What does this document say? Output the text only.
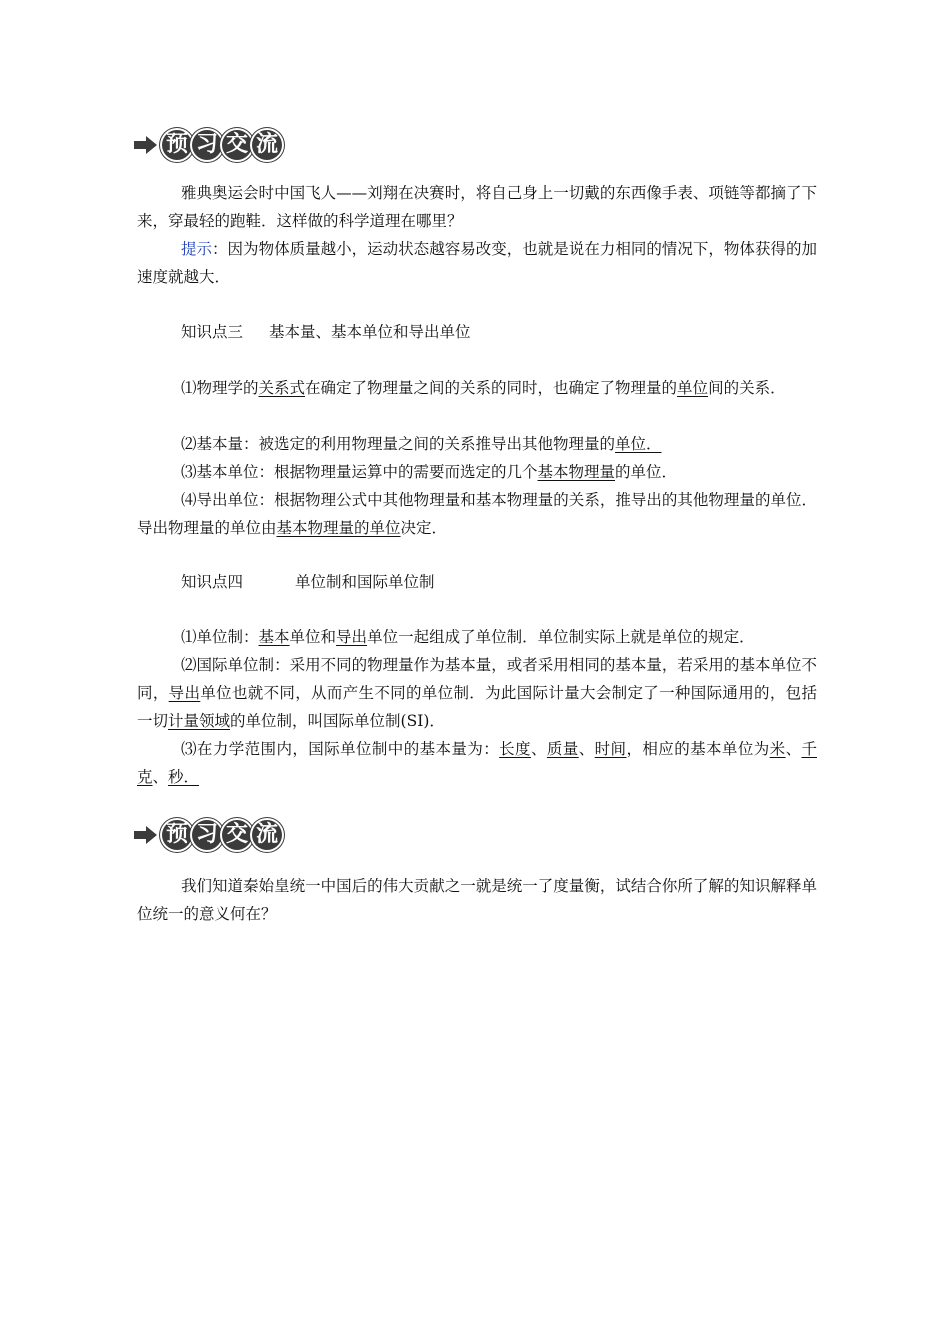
预 习 交 流

雅典奥运会时中国飞人——刘翔在决赛时，将自己身上一切戴的东西像手表、项链等都摘了下来，穿最轻的跑鞋．这样做的科学道理在哪里？

提示：因为物体质量越小，运动状态越容易改变，也就是说在力相同的情况下，物体获得的加速度就越大．

知识点三 基本量、基本单位和导出单位

⑴物理学的关系式在确定了物理量之间的关系的同时，也确定了物理量的单位间的关系．

⑵基本量：被选定的利用物理量之间的关系推导出其他物理量的单位．

⑶基本单位：根据物理量运算中的需要而选定的几个基本物理量的单位．

⑷导出单位：根据物理公式中其他物理量和基本物理量的关系，推导出的其他物理量的单位．导出物理量的单位由基本物理量的单位决定．

知识点四	单位制和国际单位制

⑴单位制：基本单位和导出单位一起组成了单位制．单位制实际上就是单位的规定．

⑵国际单位制：采用不同的物理量作为基本量，或者采用相同的基本量，若采用的基本单位不同，导出单位也就不同，从而产生不同的单位制．为此国际计量大会制定了一种国际通用的，包括一切计量领域的单位制，叫国际单位制(SI)．

⑶在力学范围内，国际单位制中的基本量为：长度、质量、时间，相应的基本单位为米、千克、秒．

预 习 交 流

我们知道秦始皇统一中国后的伟大贡献之一就是统一了度量衡，试结合你所了解的知识解释单位统一的意义何在？
